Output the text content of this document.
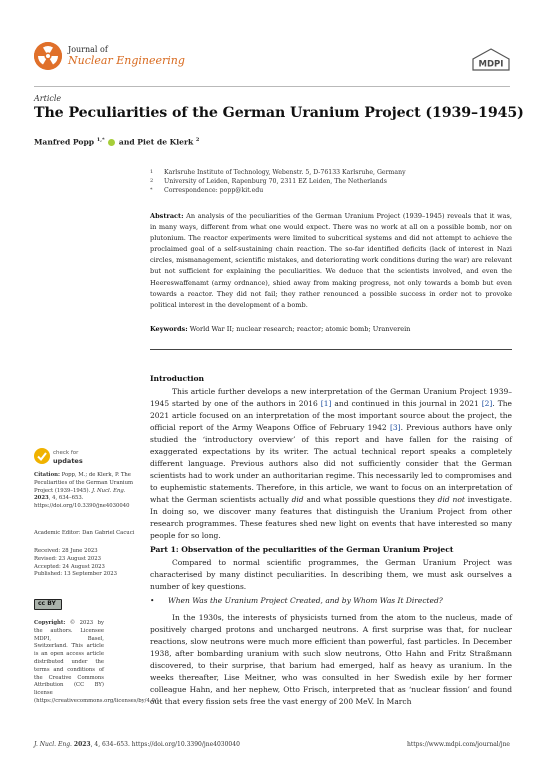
Journal of
Nuclear Engineering	MDPI
Article
The Peculiarities of the German Uranium Project (1939–1945)
Manfred Popp $^{1,*}$ and Piet de Klerk $^2$
1 Karlsruhe Institute of Technology, Webenstr. 5, D-76133 Karlsruhe, Germany
2 University of Leiden, Rapenburg 70, 2311 EZ Leiden, The Netherlands
* Correspondence: popp@kit.edu
Abstract: An analysis of the peculiarities of the German Uranium Project (1939–1945) reveals that it was, in many ways, different from what one would expect. There was no work at all on a possible bomb, nor on plutonium. The reactor experiments were limited to subcritical systems and did not attempt to achieve the proclaimed goal of a self-sustaining chain reaction. The so-far identified deficits (lack of interest in Nazi circles, mismanagement, scientific mistakes, and deteriorating work conditions during the war) are relevant but not sufficient for explaining the peculiarities. We deduce that the scientists involved, and even the Heereswaffenamt (army ordnance), shied away from making progress, not only towards a bomb but even towards a reactor. They did not fail; they rather renounced a possible success in order not to provoke political interest in the development of a bomb.
Keywords: World War II; nuclear research; reactor; atomic bomb; Uranverein
check for
updates
Citation: Popp, M.; de Klerk, P. The Peculiarities of the German Uranium Project (1939–1945). J. Nucl. Eng. 2023, 4, 634–653. https://doi.org/10.3390/jne4030040
Academic Editor: Dan Gabriel Cacuci
Received: 28 June 2023
Revised: 23 August 2023
Accepted: 24 August 2023
Published: 13 September 2023
cc BY
Copyright: © 2023 by the authors. Licensee MDPI, Basel, Switzerland. This article is an open access article distributed under the terms and conditions of the Creative Commons Attribution (CC BY) license (https://creativecommons.org/licenses/by/4.0/).
Introduction
This article further develops a new interpretation of the German Uranium Project 1939–1945 started by one of the authors in 2016 [1] and continued in this journal in 2021 [2]. The 2021 article focused on an interpretation of the most important source about the project, the official report of the Army Weapons Office of February 1942 [3]. Previous authors have only studied the ‘introductory overview’ of this report and have fallen for the raising of exaggerated expectations by its writer. The actual technical report speaks a completely different language. Previous authors also did not sufficiently consider that the German scientists had to work under an authoritarian regime. This necessarily led to compromises and to euphemistic statements. Therefore, in this article, we want to focus on an interpretation of what the German scientists actually did and what possible questions they did not investigate. In doing so, we discover many features that distinguish the Uranium Project from other research programmes. These features shed new light on events that have interested so many people for so long.
Part 1: Observation of the peculiarities of the German Uranium Project
Compared to normal scientific programmes, the German Uranium Project was characterised by many distinct peculiarities. In describing them, we must ask ourselves a number of key questions.
• When Was the Uranium Project Created, and by Whom Was It Directed?
In the 1930s, the interests of physicists turned from the atom to the nucleus, made of positively charged protons and uncharged neutrons. A first surprise was that, for nuclear reactions, slow neutrons were much more efficient than powerful, fast particles. In December 1938, after bombarding uranium with such slow neutrons, Otto Hahn and Fritz Straßmann discovered, to their surprise, that barium had emerged, half as heavy as uranium. In the weeks thereafter, Lise Meitner, who was consulted in her Swedish exile by her former colleague Hahn, and her nephew, Otto Frisch, interpreted that as ‘nuclear fission’ and found out that every fission sets free the vast energy of 200 MeV. In March
J. Nucl. Eng. 2023, 4, 634–653. https://doi.org/10.3390/jne4030040	https://www.mdpi.com/journal/jne
